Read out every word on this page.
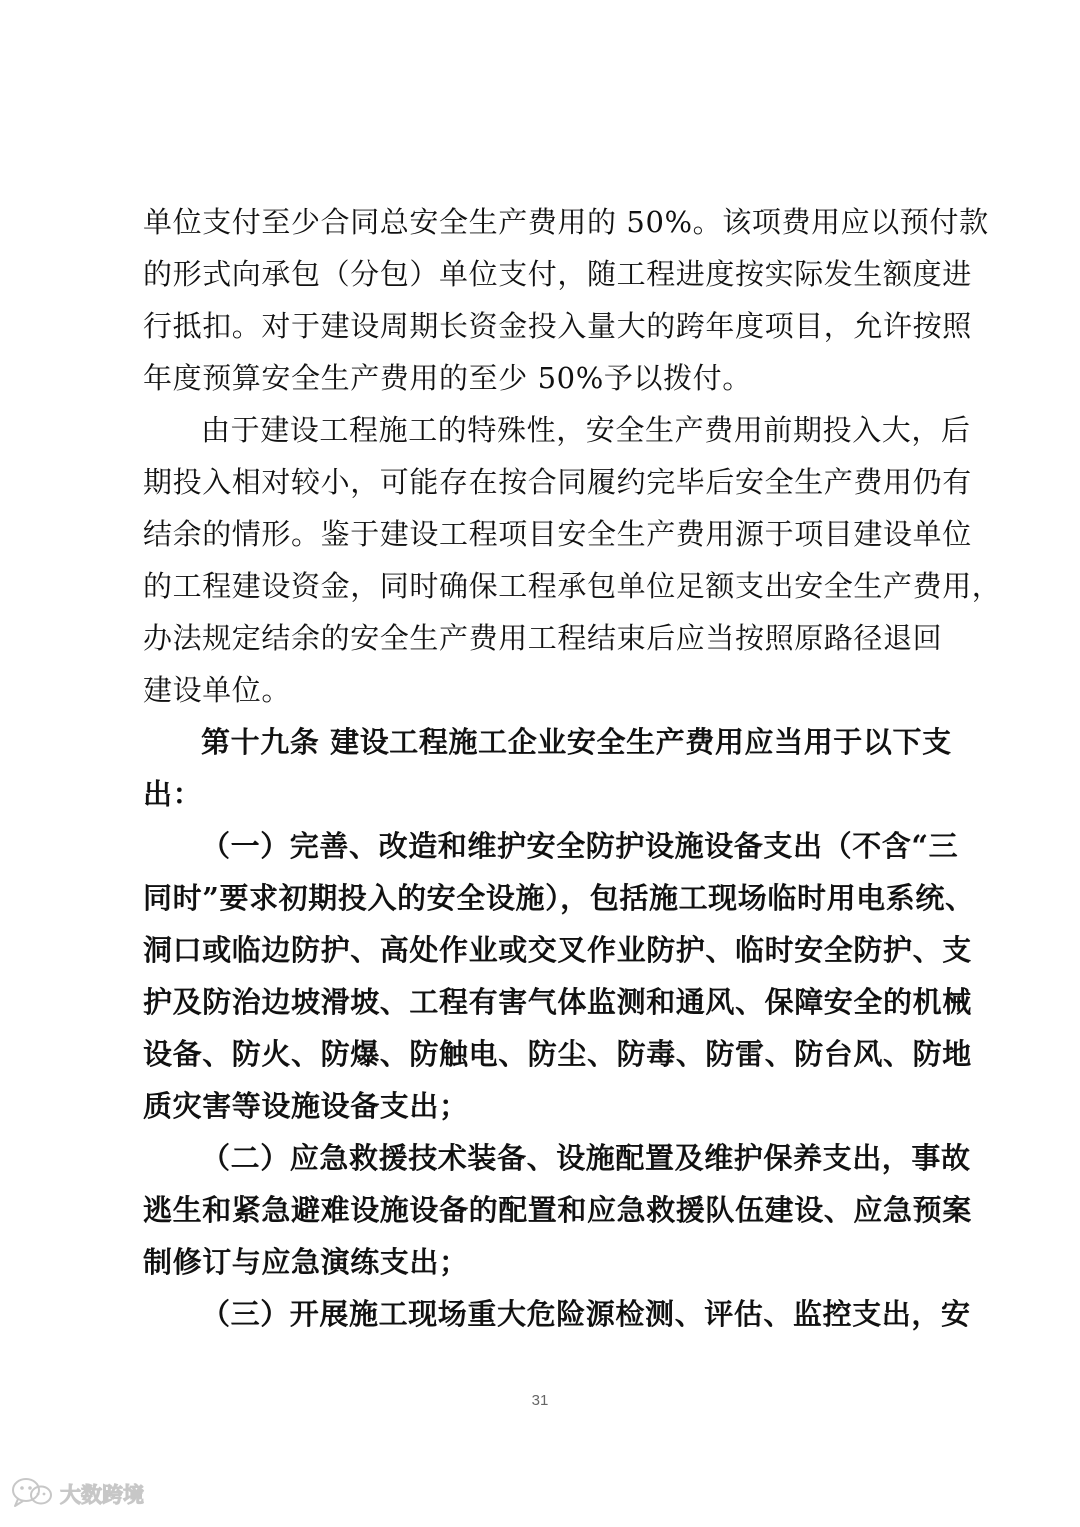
单位支付至少合同总安全生产费用的 50%。该项费用应以预付款
的形式向承包（分包）单位支付，随工程进度按实际发生额度进
行抵扣。对于建设周期长资金投入量大的跨年度项目，允许按照
年度预算安全生产费用的至少 50%予以拨付。
由于建设工程施工的特殊性，安全生产费用前期投入大，后
期投入相对较小，可能存在按合同履约完毕后安全生产费用仍有
结余的情形。鉴于建设工程项目安全生产费用源于项目建设单位
的工程建设资金，同时确保工程承包单位足额支出安全生产费用，
办法规定结余的安全生产费用工程结束后应当按照原路径退回
建设单位。
第十九条 建设工程施工企业安全生产费用应当用于以下支
出：
（一）完善、改造和维护安全防护设施设备支出（不含“三
同时”要求初期投入的安全设施），包括施工现场临时用电系统、
洞口或临边防护、高处作业或交叉作业防护、临时安全防护、支
护及防治边坡滑坡、工程有害气体监测和通风、保障安全的机械
设备、防火、防爆、防触电、防尘、防毒、防雷、防台风、防地
质灾害等设施设备支出；
（二）应急救援技术装备、设施配置及维护保养支出，事故
逃生和紧急避难设施设备的配置和应急救援队伍建设、应急预案
制修订与应急演练支出；
（三）开展施工现场重大危险源检测、评估、监控支出，安
31
大数跨境
